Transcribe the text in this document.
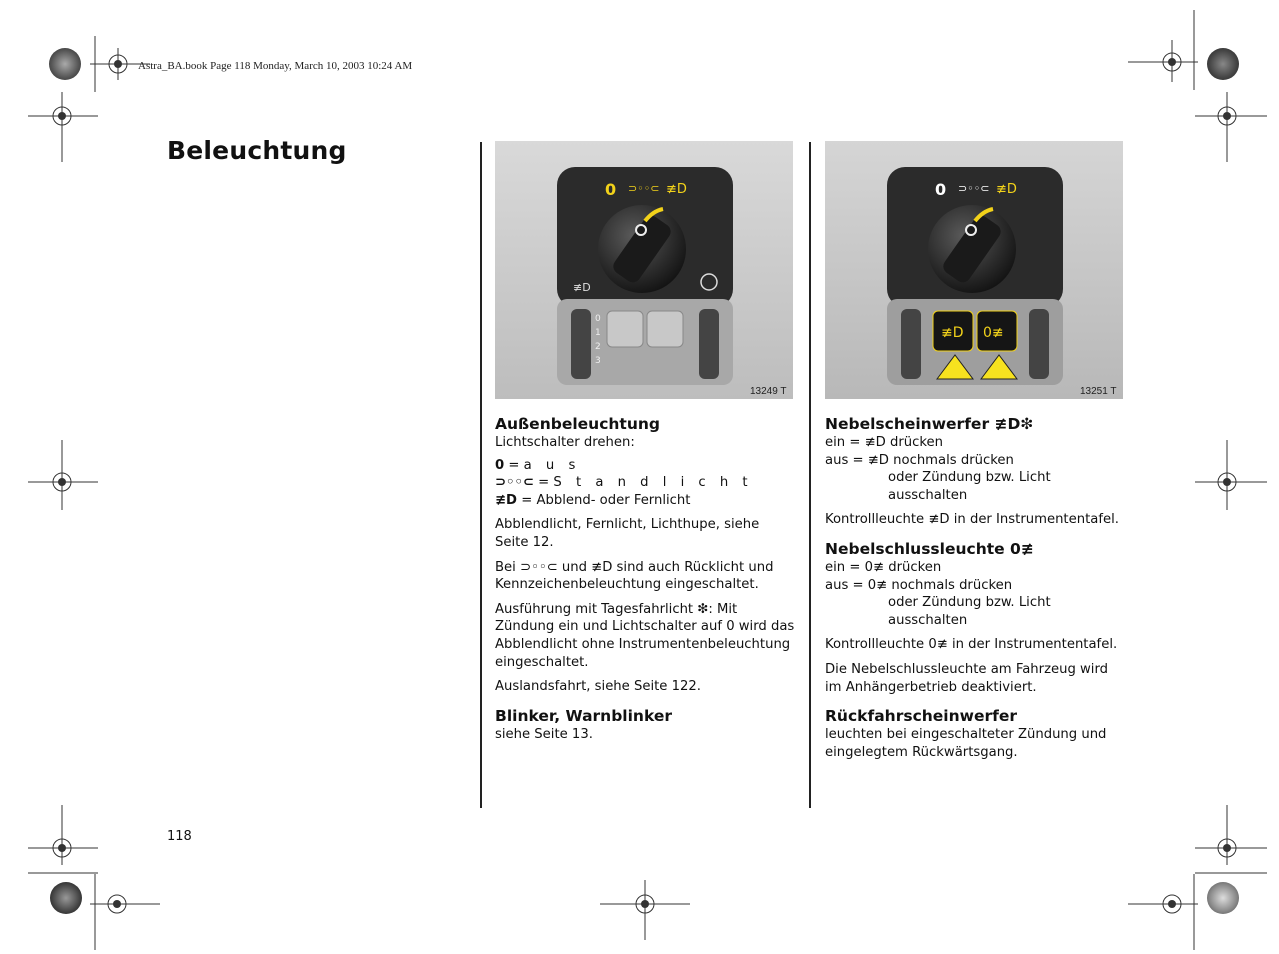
Astra_BA.book Page 118 Monday, March 10, 2003 10:24 AM
Beleuchtung
118
0 ⊃◦◦⊂ ≢D
≢D
0
1
2
3
13249 T
0 ⊃◦◦⊂ ≢D
≢D 0≢
13251 T
Außenbeleuchtung

Lichtschalter drehen:

0 = a u s
⊃◦◦⊂ = S t a n d l i c h t
≢D = Abblend- oder Fernlicht

Abblendlicht, Fernlicht, Lichthupe, siehe Seite 12.

Bei ⊃◦◦⊂ und ≢D sind auch Rücklicht und Kennzeichenbeleuchtung eingeschaltet.

Ausführung mit Tagesfahrlicht ❇: Mit Zündung ein und Lichtschalter auf 0 wird das Abblendlicht ohne Instrumentenbeleuchtung eingeschaltet.

Auslandsfahrt, siehe Seite 122.

Blinker, Warnblinker

siehe Seite 13.

Nebelscheinwerfer ≢D❇
ein = ≢D drücken
aus = ≢D nochmals drücken
oder Zündung bzw. Licht
ausschalten

Kontrollleuchte ≢D in der Instrumententafel.

Nebelschlussleuchte 0≢
ein = 0≢ drücken
aus = 0≢ nochmals drücken
oder Zündung bzw. Licht
ausschalten

Kontrollleuchte 0≢ in der Instrumententafel.

Die Nebelschlussleuchte am Fahrzeug wird im Anhängerbetrieb deaktiviert.

Rückfahrscheinwerfer

leuchten bei eingeschalteter Zündung und eingelegtem Rückwärtsgang.
